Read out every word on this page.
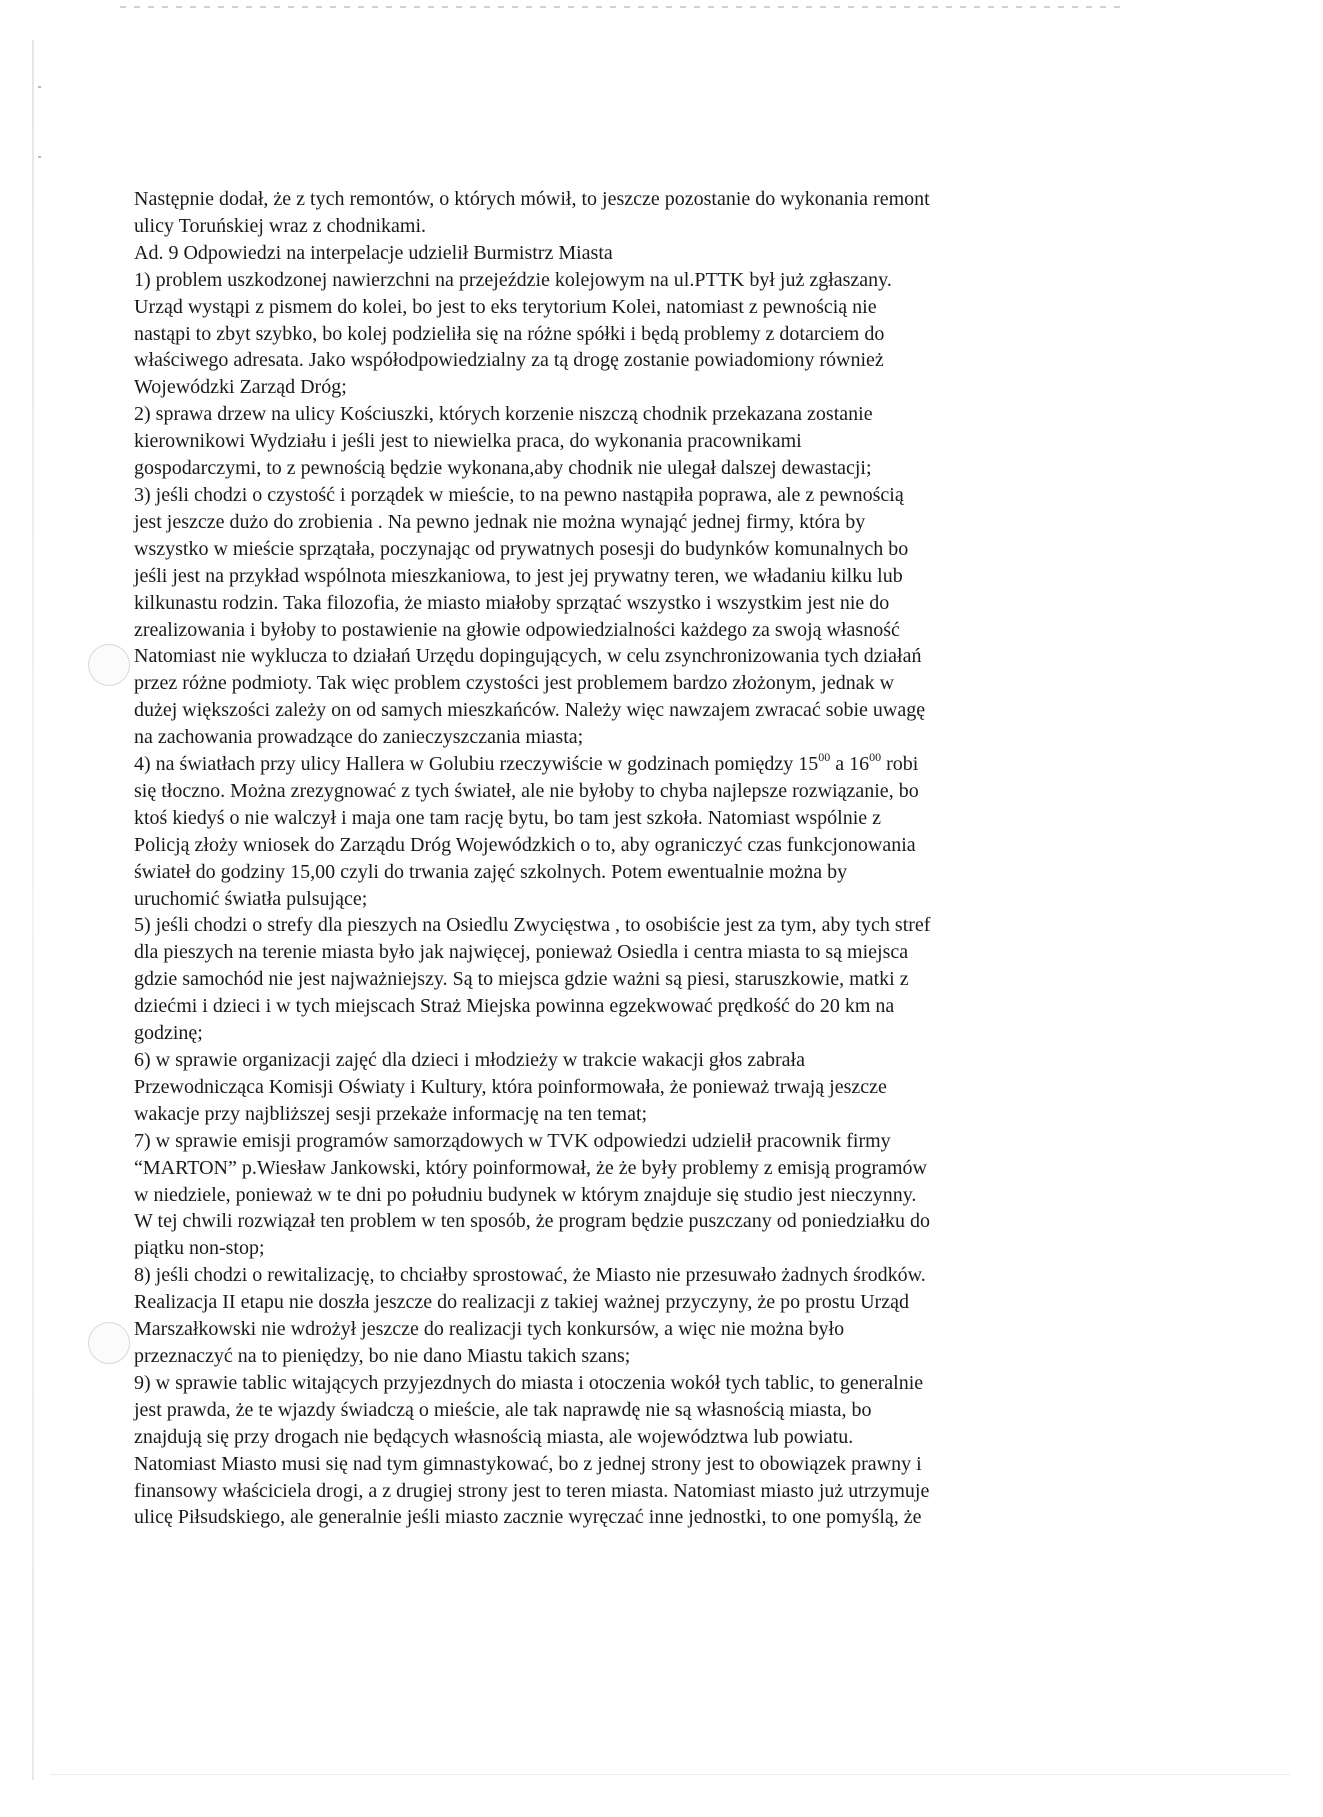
Następnie dodał, że z tych remontów, o których mówił, to jeszcze pozostanie do wykonania remont
ulicy Toruńskiej wraz z chodnikami.
Ad. 9 Odpowiedzi na interpelacje udzielił Burmistrz Miasta
1) problem uszkodzonej nawierzchni na przejeździe kolejowym na ul.PTTK był już zgłaszany.
Urząd wystąpi z pismem do kolei, bo jest to eks terytorium Kolei, natomiast z pewnością nie
nastąpi to zbyt szybko, bo kolej podzieliła się na różne spółki i będą problemy z dotarciem do
właściwego adresata. Jako współodpowiedzialny za tą drogę zostanie powiadomiony również
Wojewódzki Zarząd Dróg;
2) sprawa drzew na ulicy Kościuszki, których korzenie niszczą chodnik przekazana zostanie
kierownikowi Wydziału i jeśli jest to niewielka praca, do wykonania pracownikami
gospodarczymi, to z pewnością będzie wykonana,aby chodnik nie ulegał dalszej dewastacji;
3) jeśli chodzi o czystość i porządek w mieście, to na pewno nastąpiła poprawa, ale z pewnością
jest jeszcze dużo do zrobienia . Na pewno jednak nie można wynająć jednej firmy, która by
wszystko w mieście sprzątała, poczynając od prywatnych posesji do budynków komunalnych bo
jeśli jest na przykład wspólnota mieszkaniowa, to jest jej prywatny teren, we władaniu kilku lub
kilkunastu rodzin. Taka filozofia, że miasto miałoby sprzątać wszystko i wszystkim jest nie do
zrealizowania i byłoby to postawienie na głowie odpowiedzialności każdego za swoją własność
Natomiast nie wyklucza to działań Urzędu dopingujących, w celu zsynchronizowania tych działań
przez różne podmioty. Tak więc problem czystości jest problemem bardzo złożonym, jednak w
dużej większości zależy on od samych mieszkańców. Należy więc nawzajem zwracać sobie uwagę
na zachowania prowadzące do zanieczyszczania miasta;
4) na światłach przy ulicy Hallera w Golubiu rzeczywiście w godzinach pomiędzy $15^{00}$ a $16^{00}$ robi
się tłoczno. Można zrezygnować z tych świateł, ale nie byłoby to chyba najlepsze rozwiązanie, bo
ktoś kiedyś o nie walczył i maja one tam rację bytu, bo tam jest szkoła. Natomiast wspólnie z
Policją złoży wniosek do Zarządu Dróg Wojewódzkich o to, aby ograniczyć czas funkcjonowania
świateł do godziny 15,00 czyli do trwania zajęć szkolnych. Potem ewentualnie można by
uruchomić światła pulsujące;
5) jeśli chodzi o strefy dla pieszych na Osiedlu Zwycięstwa , to osobiście jest za tym, aby tych stref
dla pieszych na terenie miasta było jak najwięcej, ponieważ Osiedla i centra miasta to są miejsca
gdzie samochód nie jest najważniejszy. Są to miejsca gdzie ważni są piesi, staruszkowie, matki z
dziećmi i dzieci i w tych miejscach Straż Miejska powinna egzekwować prędkość do 20 km na
godzinę;
6) w sprawie organizacji zajęć dla dzieci i młodzieży w trakcie wakacji głos zabrała
Przewodnicząca Komisji Oświaty i Kultury, która poinformowała, że ponieważ trwają jeszcze
wakacje przy najbliższej sesji przekaże informację na ten temat;
7) w sprawie emisji programów samorządowych w TVK odpowiedzi udzielił pracownik firmy
“MARTON” p.Wiesław Jankowski, który poinformował, że że były problemy z emisją programów
w niedziele, ponieważ w te dni po południu budynek w którym znajduje się studio jest nieczynny.
W tej chwili rozwiązał ten problem w ten sposób, że program będzie puszczany od poniedziałku do
piątku non-stop;
8) jeśli chodzi o rewitalizację, to chciałby sprostować, że Miasto nie przesuwało żadnych środków.
Realizacja II etapu nie doszła jeszcze do realizacji z takiej ważnej przyczyny, że po prostu Urząd
Marszałkowski nie wdrożył jeszcze do realizacji tych konkursów, a więc nie można było
przeznaczyć na to pieniędzy, bo nie dano Miastu takich szans;
9) w sprawie tablic witających przyjezdnych do miasta i otoczenia wokół tych tablic, to generalnie
jest prawda, że te wjazdy świadczą o mieście, ale tak naprawdę nie są własnością miasta, bo
znajdują się przy drogach nie będących własnością miasta, ale województwa lub powiatu.
Natomiast Miasto musi się nad tym gimnastykować, bo z jednej strony jest to obowiązek prawny i
finansowy właściciela drogi, a z drugiej strony jest to teren miasta. Natomiast miasto już utrzymuje
ulicę Piłsudskiego, ale generalnie jeśli miasto zacznie wyręczać inne jednostki, to one pomyślą, że
